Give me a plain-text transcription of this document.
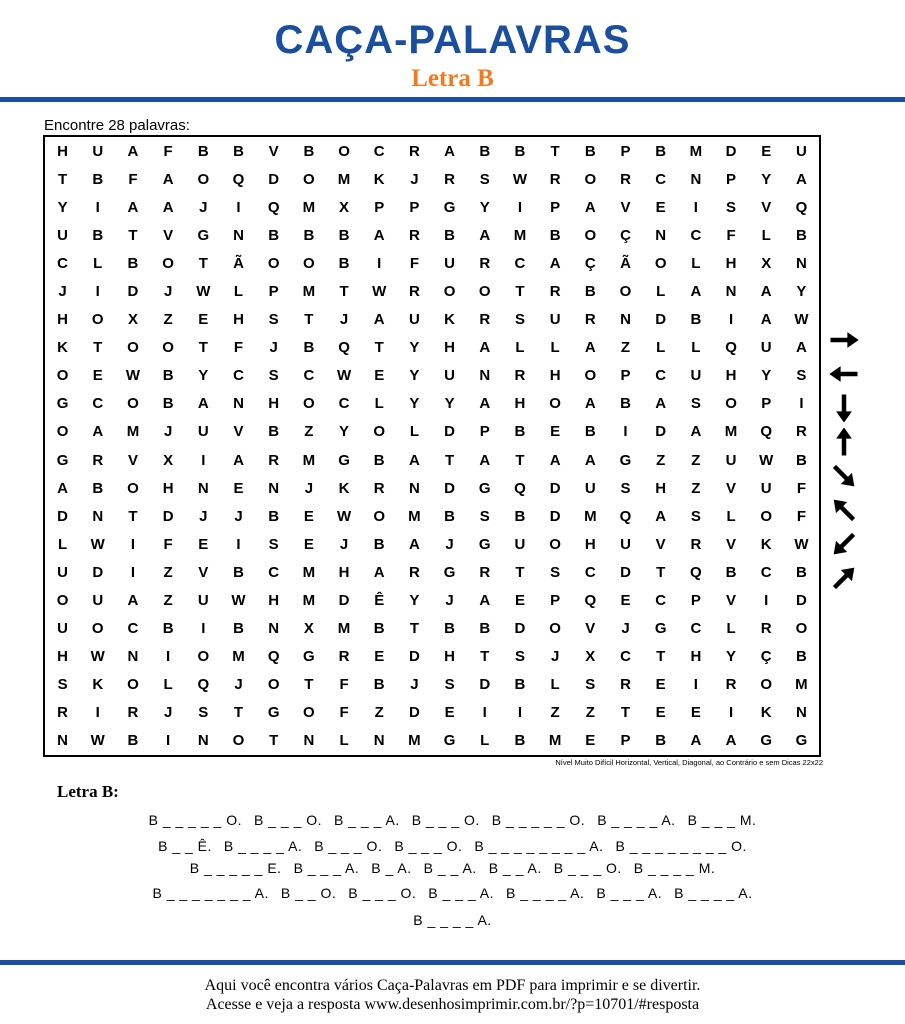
CAÇA-PALAVRAS
Letra B
Encontre 28 palavras:
H	U	A	F	B	B	V	B	O	C	R	A	B	B	T	B	P	B	M	D	E	U
T	B	F	A	O	Q	D	O	M	K	J	R	S	W	R	O	R	C	N	P	Y	A
Y	I	A	A	J	I	Q	M	X	P	P	G	Y	I	P	A	V	E	I	S	V	Q
U	B	T	V	G	N	B	B	B	A	R	B	A	M	B	O	Ç	N	C	F	L	B
C	L	B	O	T	Ã	O	O	B	I	F	U	R	C	A	Ç	Ã	O	L	H	X	N
J	I	D	J	W	L	P	M	T	W	R	O	O	T	R	B	O	L	A	N	A	Y
H	O	X	Z	E	H	S	T	J	A	U	K	R	S	U	R	N	D	B	I	A	W
K	T	O	O	T	F	J	B	Q	T	Y	H	A	L	L	A	Z	L	L	Q	U	A
O	E	W	B	Y	C	S	C	W	E	Y	U	N	R	H	O	P	C	U	H	Y	S
G	C	O	B	A	N	H	O	C	L	Y	Y	A	H	O	A	B	A	S	O	P	I
O	A	M	J	U	V	B	Z	Y	O	L	D	P	B	E	B	I	D	A	M	Q	R
G	R	V	X	I	A	R	M	G	B	A	T	A	T	A	A	G	Z	Z	U	W	B
A	B	O	H	N	E	N	J	K	R	N	D	G	Q	D	U	S	H	Z	V	U	F
D	N	T	D	J	J	B	E	W	O	M	B	S	B	D	M	Q	A	S	L	O	F
L	W	I	F	E	I	S	E	J	B	A	J	G	U	O	H	U	V	R	V	K	W
U	D	I	Z	V	B	C	M	H	A	R	G	R	T	S	C	D	T	Q	B	C	B
O	U	A	Z	U	W	H	M	D	Ê	Y	J	A	E	P	Q	E	C	P	V	I	D
U	O	C	B	I	B	N	X	M	B	T	B	B	D	O	V	J	G	C	L	R	O
H	W	N	I	O	M	Q	G	R	E	D	H	T	S	J	X	C	T	H	Y	Ç	B
S	K	O	L	Q	J	O	T	F	B	J	S	D	B	L	S	R	E	I	R	O	M
R	I	R	J	S	T	G	O	F	Z	D	E	I	I	Z	Z	T	E	E	I	K	N
N	W	B	I	N	O	T	N	L	N	M	G	L	B	M	E	P	B	A	A	G	G
Nível Muito Difícil Horizontal, Vertical, Diagonal, ao Contrário e sem Dicas 22x22
Letra B:
B _ _ _ _ _ O. B _ _ _ O. B _ _ _ A. B _ _ _ O. B _ _ _ _ _ O. B _ _ _ _ A. B _ _ _ M.
B _ _ Ê. B _ _ _ _ A. B _ _ _ O. B _ _ _ O. B _ _ _ _ _ _ _ _ A. B _ _ _ _ _ _ _ _ O.
B _ _ _ _ _ E. B _ _ _ A. B _ A. B _ _ A. B _ _ A. B _ _ _ O. B _ _ _ _ M.
B _ _ _ _ _ _ _ A. B _ _ O. B _ _ _ O. B _ _ _ A. B _ _ _ _ A. B _ _ _ A. B _ _ _ _ A.
B _ _ _ _ A.
Aqui você encontra vários Caça-Palavras em PDF para imprimir e se divertir.
Acesse e veja a resposta www.desenhosimprimir.com.br/?p=10701/#resposta
